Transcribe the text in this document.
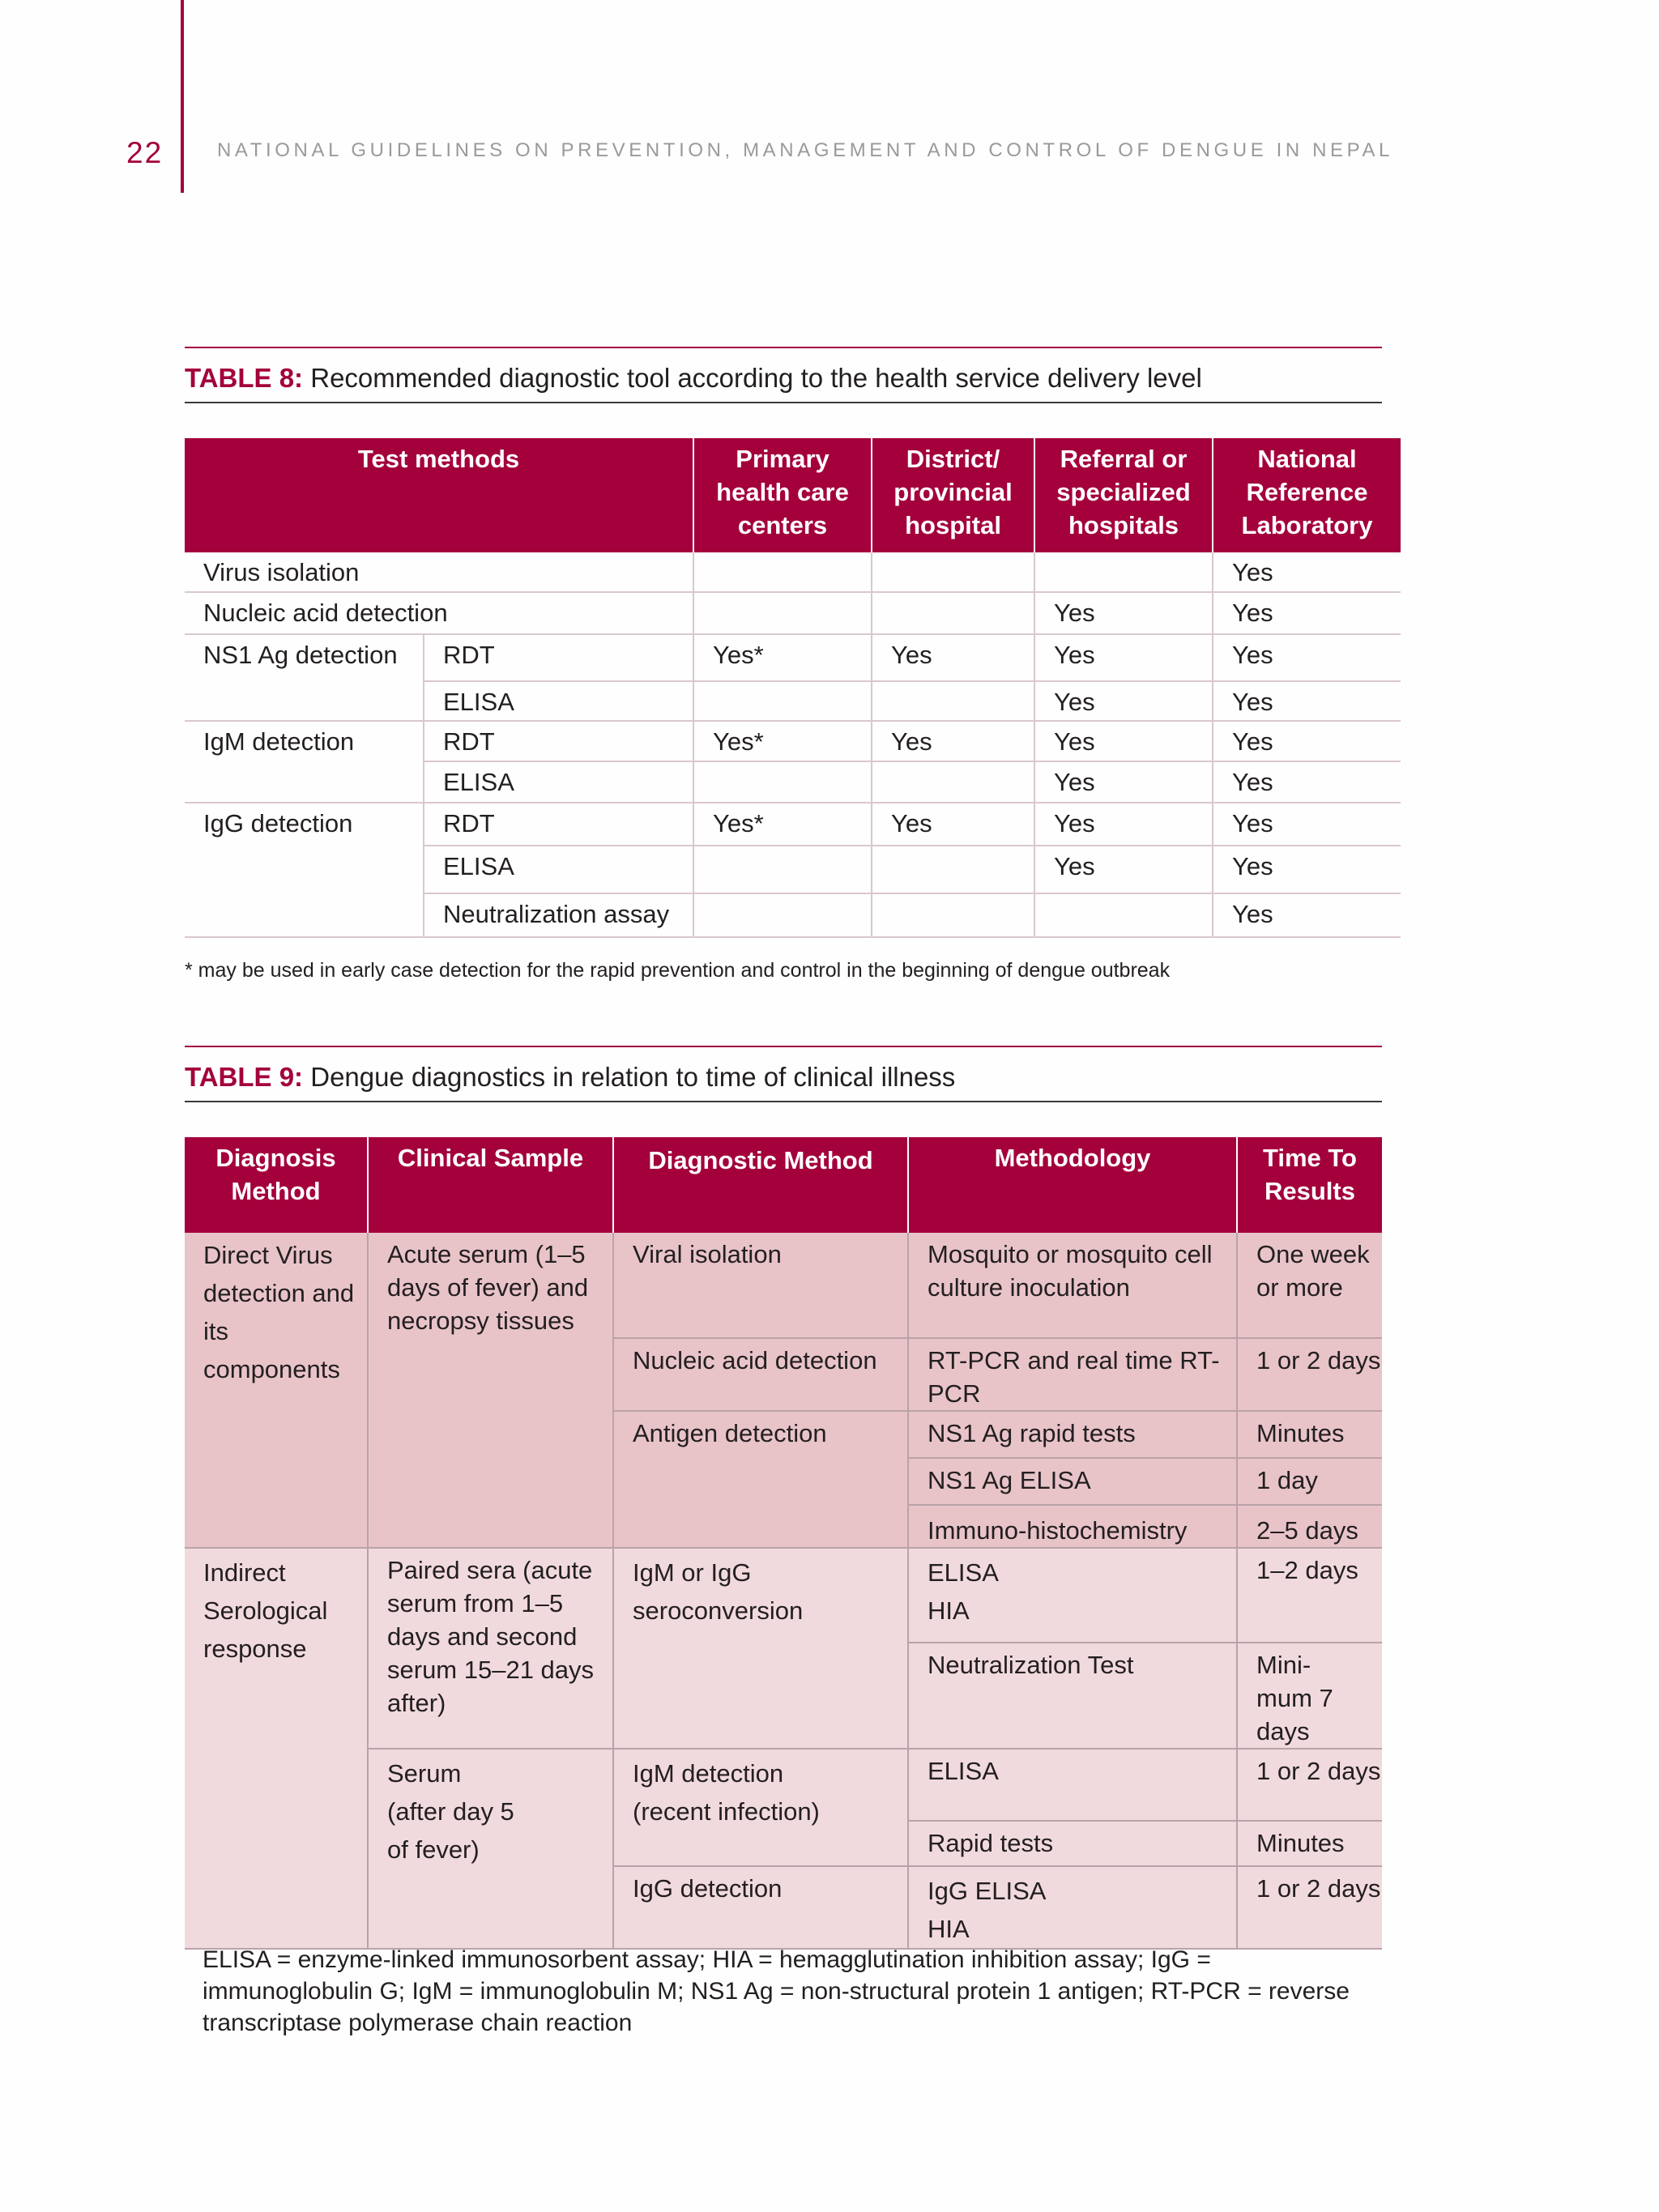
22	NATIONAL GUIDELINES ON PREVENTION, MANAGEMENT AND CONTROL OF DENGUE IN NEPAL
TABLE 8: Recommended diagnostic tool according to the health service delivery level
Test methods		Primary health care centers	District/ provincial hospital	Referral or specialized hospitals	National Reference Laboratory
Virus isolation					Yes
Nucleic acid detection				Yes	Yes
NS1 Ag detection	RDT	Yes*	Yes	Yes	Yes
	ELISA			Yes	Yes
IgM detection	RDT	Yes*	Yes	Yes	Yes
	ELISA			Yes	Yes
IgG detection	RDT	Yes*	Yes	Yes	Yes
	ELISA			Yes	Yes
	Neutralization assay				Yes
* may be used in early case detection for the rapid prevention and control in the beginning of dengue outbreak
TABLE 9: Dengue diagnostics in relation to time of clinical illness
Diagnosis Method	Clinical Sample	Diagnostic Method	Methodology	Time To Results
Direct Virus detection and its components	Acute serum (1–5 days of fever) and necropsy tissues	Viral isolation	Mosquito or mosquito cell culture inoculation	One week or more
		Nucleic acid detection	RT-PCR and real time RT-PCR	1 or 2 days
		Antigen detection	NS1 Ag rapid tests	Minutes
			NS1 Ag ELISA	1 day
			Immuno-histochemistry	2–5 days
Indirect Serological response	Paired sera (acute serum from 1–5 days and second serum 15–21 days after)	IgM or IgG seroconversion	ELISA HIA	1–2 days
			Neutralization Test	Mini-mum 7 days
	Serum (after day 5 of fever)	IgM detection (recent infection)	ELISA	1 or 2 days
			Rapid tests	Minutes
		IgG detection	IgG ELISA HIA	1 or 2 days
ELISA = enzyme-linked immunosorbent assay; HIA = hemagglutination inhibition assay; IgG = immunoglobulin G; IgM = immunoglobulin M; NS1 Ag = non-structural protein 1 antigen; RT-PCR = reverse transcriptase polymerase chain reaction
